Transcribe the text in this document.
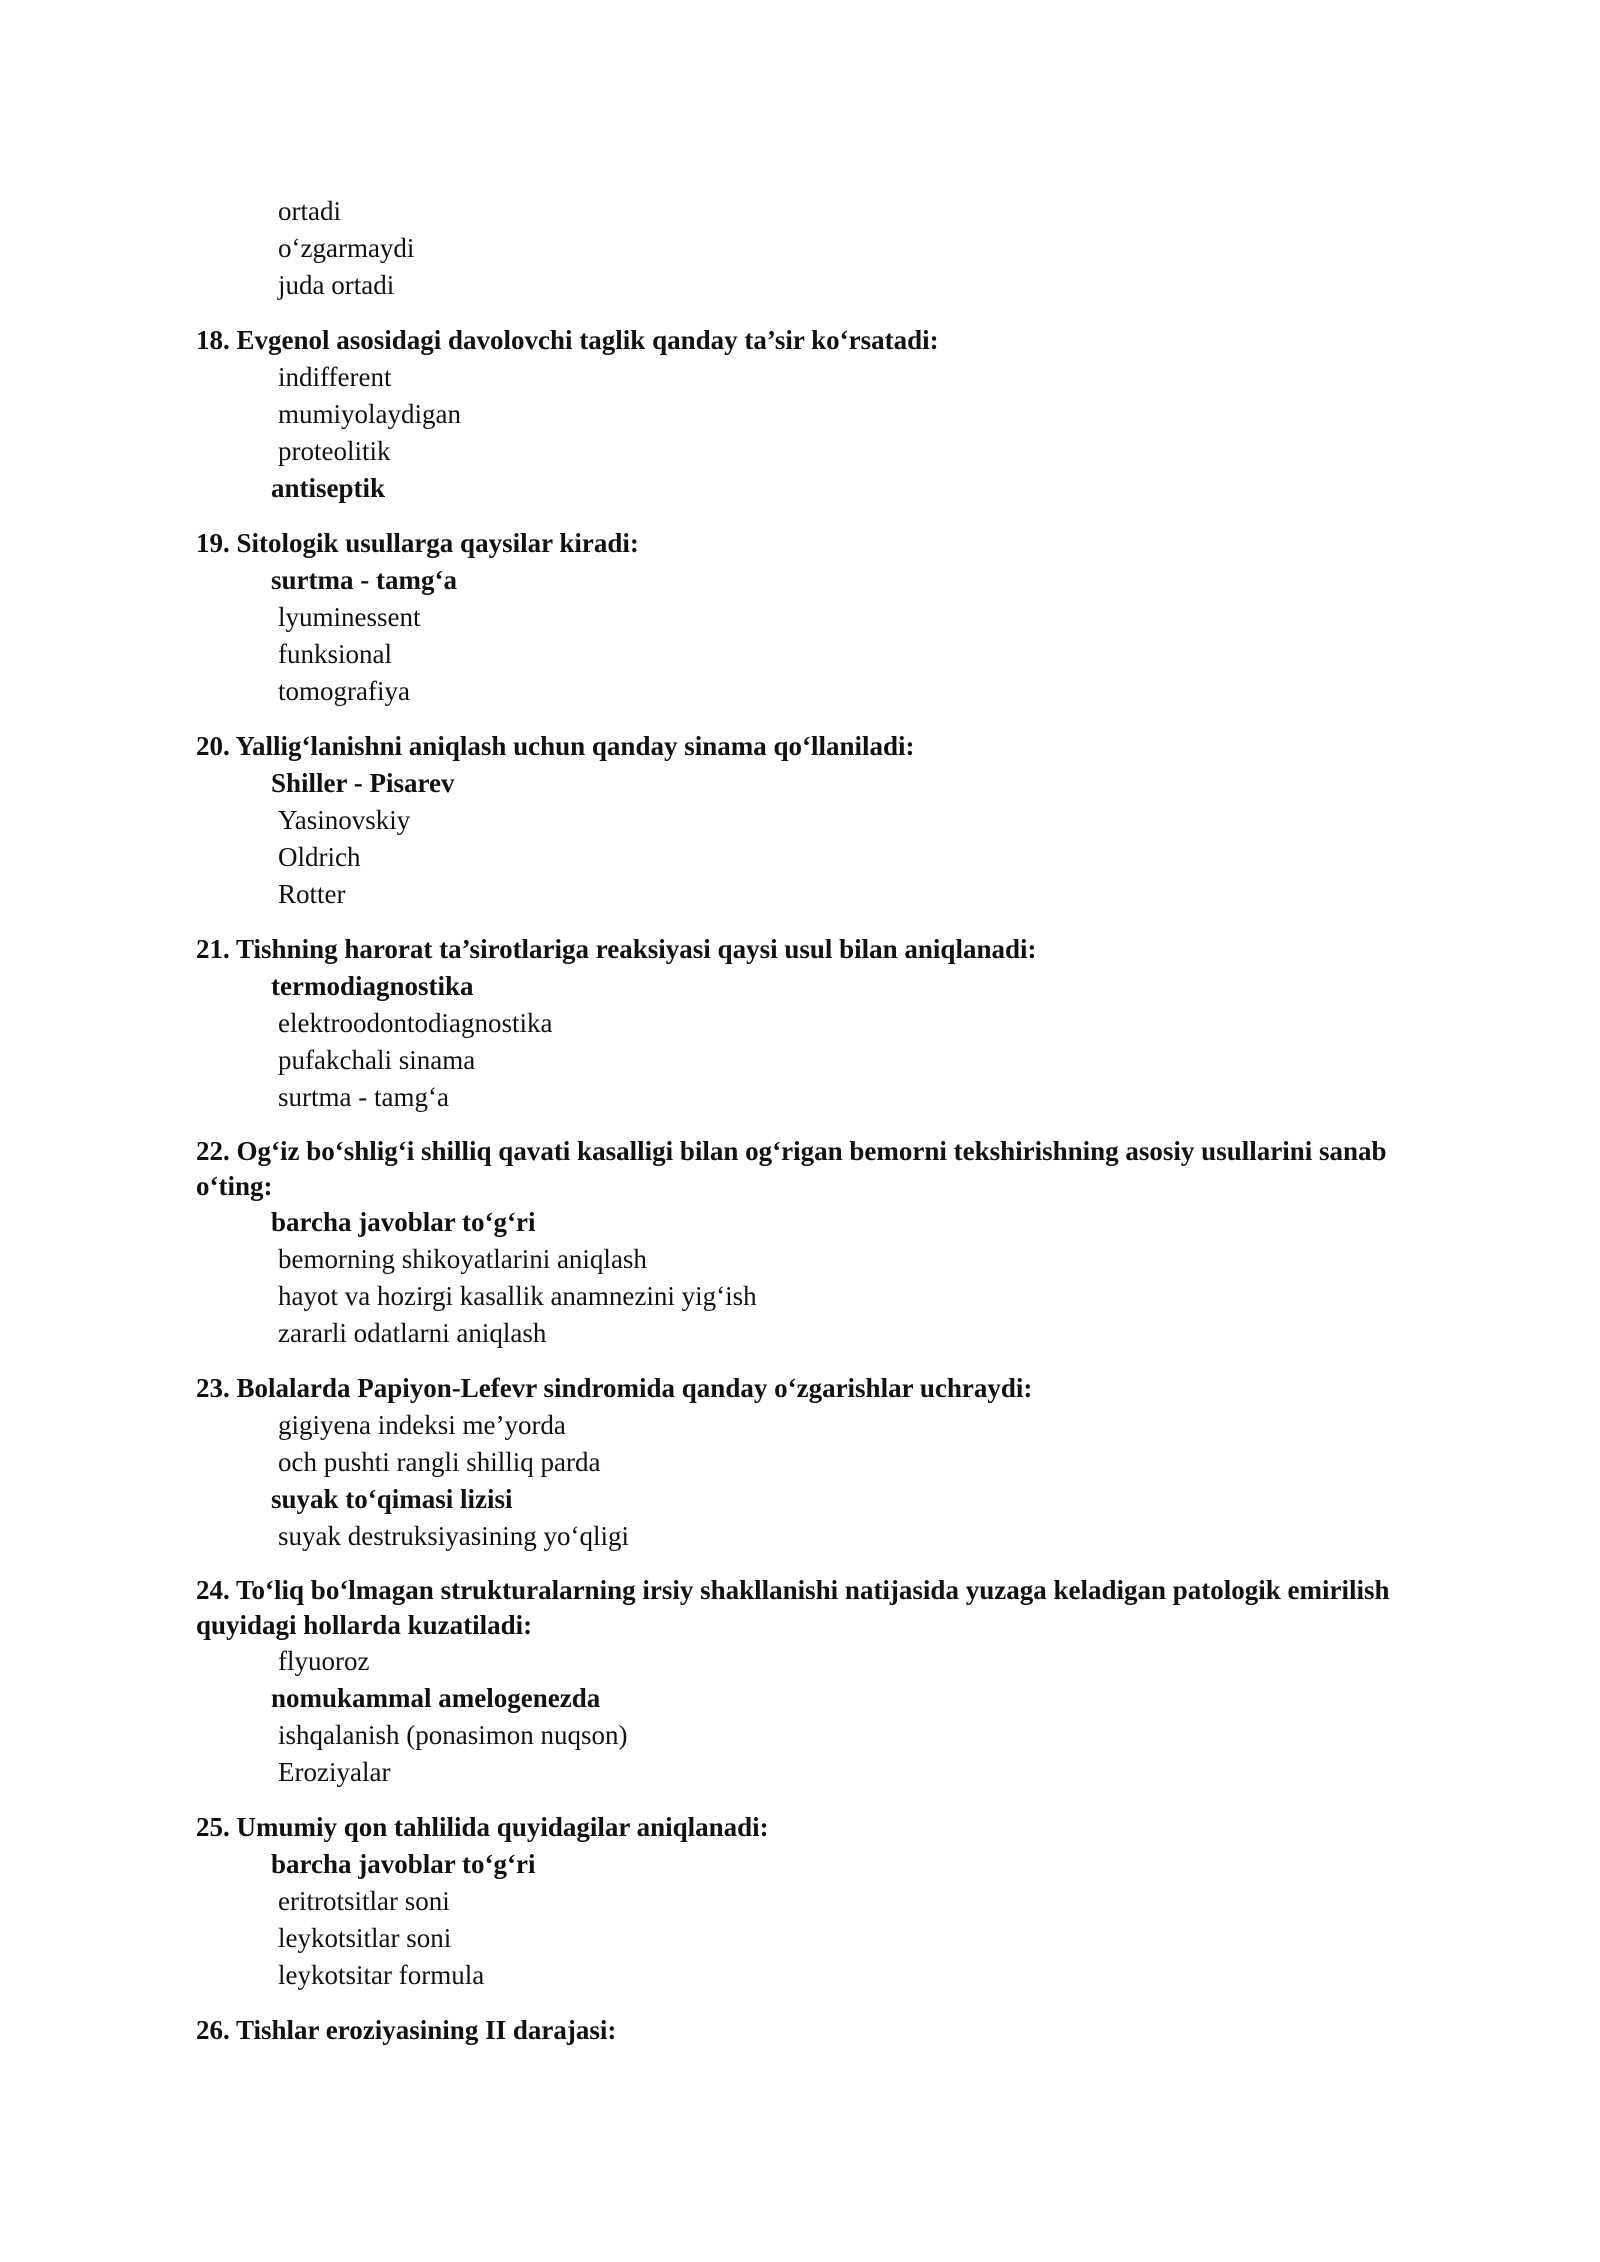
ortadi
o‘zgarmaydi
juda ortadi
18. Evgenol asosidagi davolovchi taglik qanday ta’sir ko‘rsatadi:
indifferent
mumiyolaydigan
proteolitik
antiseptik
19. Sitologik usullarga qaysilar kiradi:
surtma - tamg‘a
lyuminessent
funksional
tomografiya
20. Yallig‘lanishni aniqlash uchun qanday sinama qo‘llaniladi:
Shiller - Pisarev
Yasinovskiy
Oldrich
Rotter
21. Tishning harorat ta’sirotlariga reaksiyasi qaysi usul bilan aniqlanadi:
termodiagnostika
elektroodontodiagnostika
pufakchali sinama
surtma - tamg‘a
22. Og‘iz bo‘shlig‘i shilliq qavati kasalligi bilan og‘rigan bemorni tekshirishning asosiy usullarini sanab o‘ting:
barcha javoblar to‘g‘ri
bemorning shikoyatlarini aniqlash
hayot va hozirgi kasallik anamnezini yig‘ish
zararli odatlarni aniqlash
23. Bolalarda Papiyon-Lefevr sindromida qanday o‘zgarishlar uchraydi:
gigiyena indeksi me’yorda
och pushti rangli shilliq parda
suyak to‘qimasi lizisi
suyak destruksiyasining yo‘qligi
24. To‘liq bo‘lmagan strukturalarning irsiy shakllanishi natijasida yuzaga keladigan patologik emirilish quyidagi hollarda kuzatiladi:
flyuoroz
nomukammal amelogenezda
ishqalanish (ponasimon nuqson)
Eroziyalar
25. Umumiy qon tahlilida quyidagilar aniqlanadi:
barcha javoblar to‘g‘ri
eritrotsitlar soni
leykotsitlar soni
leykotsitar formula
26. Tishlar eroziyasining II darajasi:
